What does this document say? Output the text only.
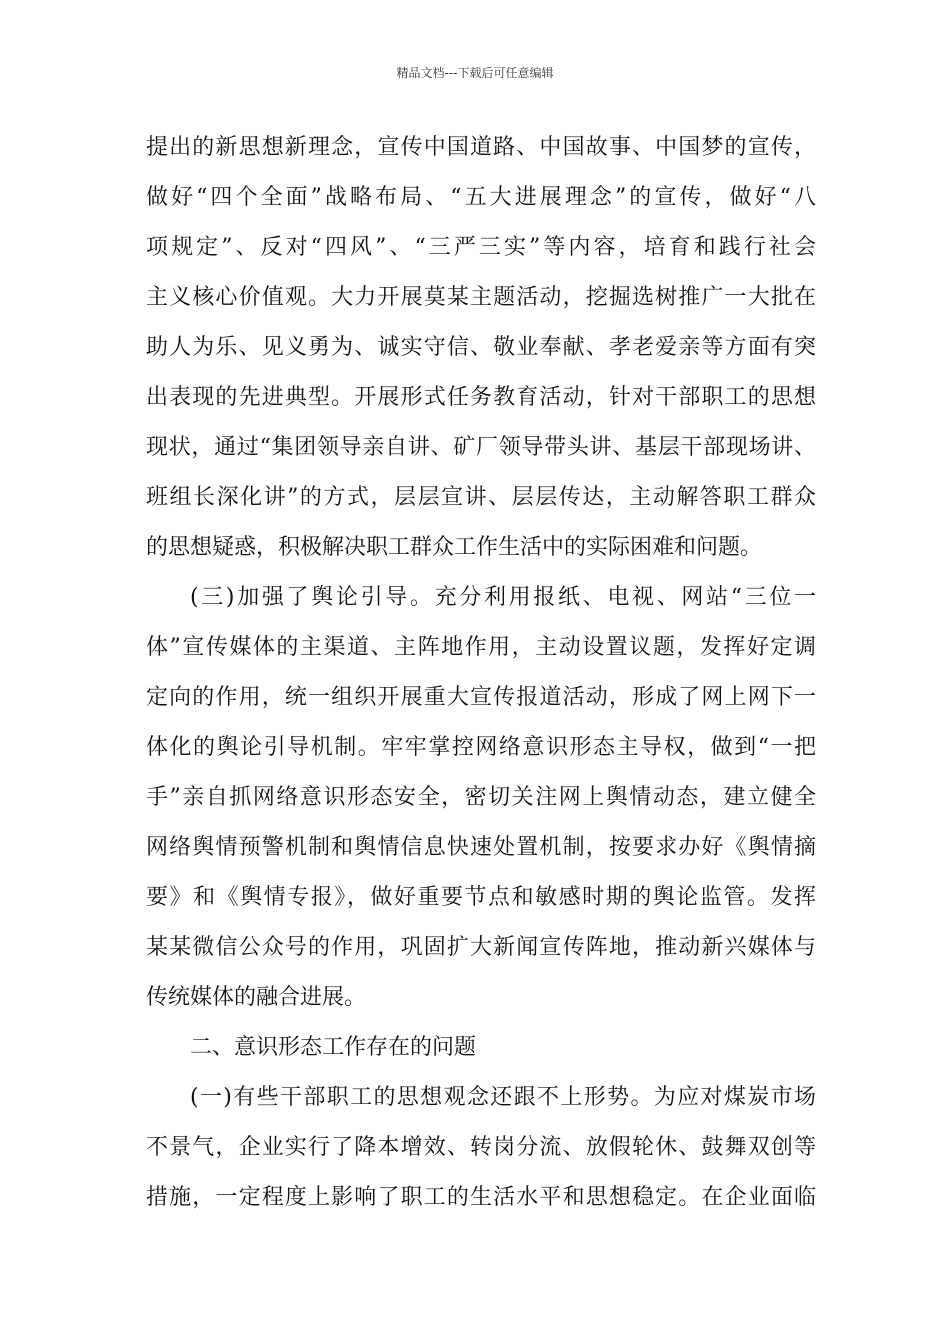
精品文档---下载后可任意编辑
提出的新思想新理念，宣传中国道路、中国故事、中国梦的宣传，
做好“四个全面”战略布局、“五大进展理念”的宣传，做好“八
项规定”、反对“四风”、“三严三实”等内容，培育和践行社会
主义核心价值观。大力开展莫某主题活动，挖掘选树推广一大批在
助人为乐、见义勇为、诚实守信、敬业奉献、孝老爱亲等方面有突
出表现的先进典型。开展形式任务教育活动，针对干部职工的思想
现状，通过“集团领导亲自讲、矿厂领导带头讲、基层干部现场讲、
班组长深化讲”的方式，层层宣讲、层层传达，主动解答职工群众
的思想疑惑，积极解决职工群众工作生活中的实际困难和问题。
(三)加强了舆论引导。充分利用报纸、电视、网站“三位一
体”宣传媒体的主渠道、主阵地作用，主动设置议题，发挥好定调
定向的作用，统一组织开展重大宣传报道活动，形成了网上网下一
体化的舆论引导机制。牢牢掌控网络意识形态主导权，做到“一把
手”亲自抓网络意识形态安全，密切关注网上舆情动态，建立健全
网络舆情预警机制和舆情信息快速处置机制，按要求办好《舆情摘
要》和《舆情专报》，做好重要节点和敏感时期的舆论监管。发挥
某某微信公众号的作用，巩固扩大新闻宣传阵地，推动新兴媒体与
传统媒体的融合进展。
二、意识形态工作存在的问题
(一)有些干部职工的思想观念还跟不上形势。为应对煤炭市场
不景气，企业实行了降本增效、转岗分流、放假轮休、鼓舞双创等
措施，一定程度上影响了职工的生活水平和思想稳定。在企业面临
